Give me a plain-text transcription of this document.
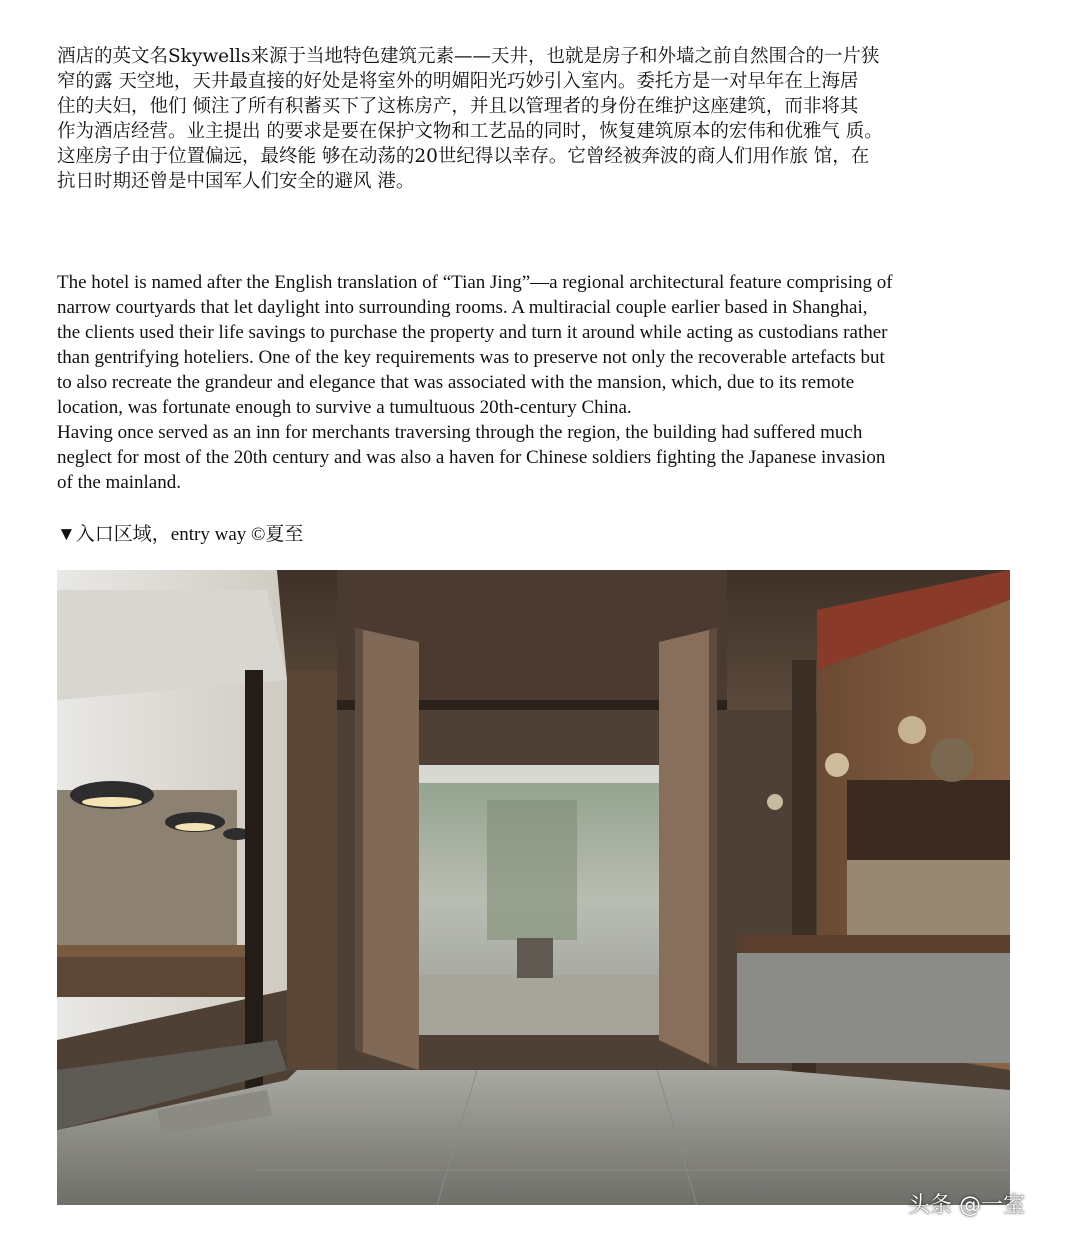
酒店的英文名Skywells来源于当地特色建筑元素——天井，也就是房子和外墙之前自然围合的一片狭
窄的露 天空地，天井最直接的好处是将室外的明媚阳光巧妙引入室内。委托方是一对早年在上海居
住的夫妇，他们 倾注了所有积蓄买下了这栋房产，并且以管理者的身份在维护这座建筑，而非将其
作为酒店经营。业主提出 的要求是要在保护文物和工艺品的同时，恢复建筑原本的宏伟和优雅气 质。
这座房子由于位置偏远，最终能 够在动荡的20世纪得以幸存。它曾经被奔波的商人们用作旅 馆，在
抗日时期还曾是中国军人们安全的避风 港。
The hotel is named after the English translation of “Tian Jing”—a regional architectural feature comprising of
narrow courtyards that let daylight into surrounding rooms. A multiracial couple earlier based in Shanghai,
the clients used their life savings to purchase the property and turn it around while acting as custodians rather
than gentrifying hoteliers. One of the key requirements was to preserve not only the recoverable artefacts but
to also recreate the grandeur and elegance that was associated with the mansion, which, due to its remote
location, was fortunate enough to survive a tumultuous 20th-century China.
Having once served as an inn for merchants traversing through the region, the building had suffered much
neglect for most of the 20th century and was also a haven for Chinese soldiers fighting the Japanese invasion
of the mainland.
▼入口区域，entry way ©夏至
头条 @一室
